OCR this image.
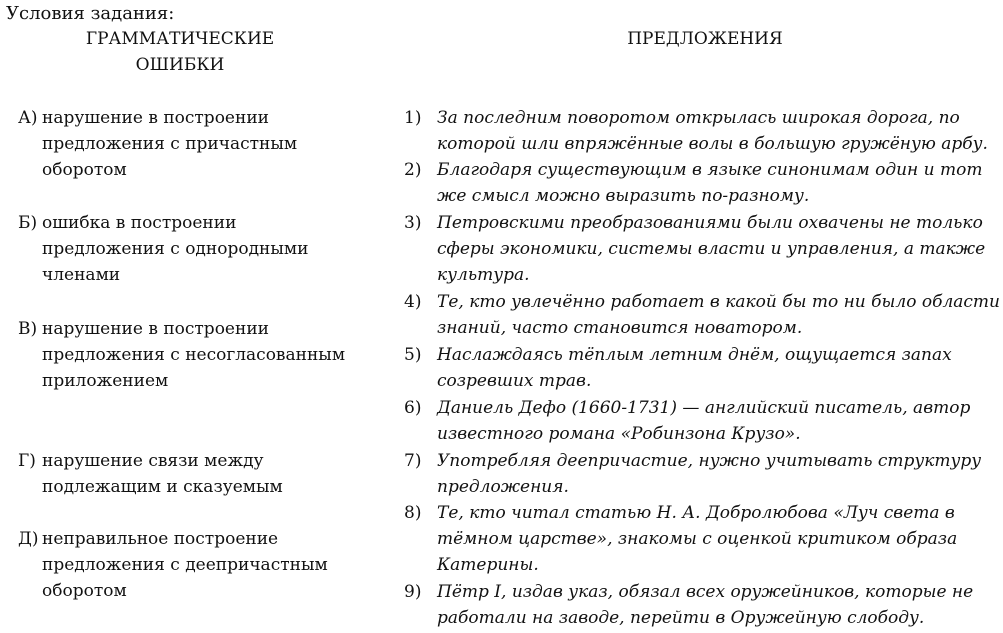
Условия задания:
ГРАММАТИЧЕСКИЕ
ОШИБКИ
ПРЕДЛОЖЕНИЯ
А) нарушение в построении предложения с причастным оборотом
Б) ошибка в построении предложения с однородными членами
В) нарушение в построении предложения с несогласованным приложением
Г) нарушение связи между подлежащим и сказуемым
Д) неправильное построение предложения с деепричастным оборотом
1) За последним поворотом открылась широкая дорога, по которой шли впряжённые волы в большую гружёную арбу.
2) Благодаря существующим в языке синонимам один и тот же смысл можно выразить по-разному.
3) Петровскими преобразованиями были охвачены не только сферы экономики, системы власти и управления, а также культура.
4) Те, кто увлечённо работает в какой бы то ни было области знаний, часто становится новатором.
5) Наслаждаясь тёплым летним днём, ощущается запах созревших трав.
6) Даниель Дефо (1660-1731) — английский писатель, автор известного романа «Робинзона Крузо».
7) Употребляя деепричастие, нужно учитывать структуру предложения.
8) Те, кто читал статью Н. А. Добролюбова «Луч света в тёмном царстве», знакомы с оценкой критиком образа Катерины.
9) Пётр I, издав указ, обязал всех оружейников, которые не работали на заводе, перейти в Оружейную слободу.
